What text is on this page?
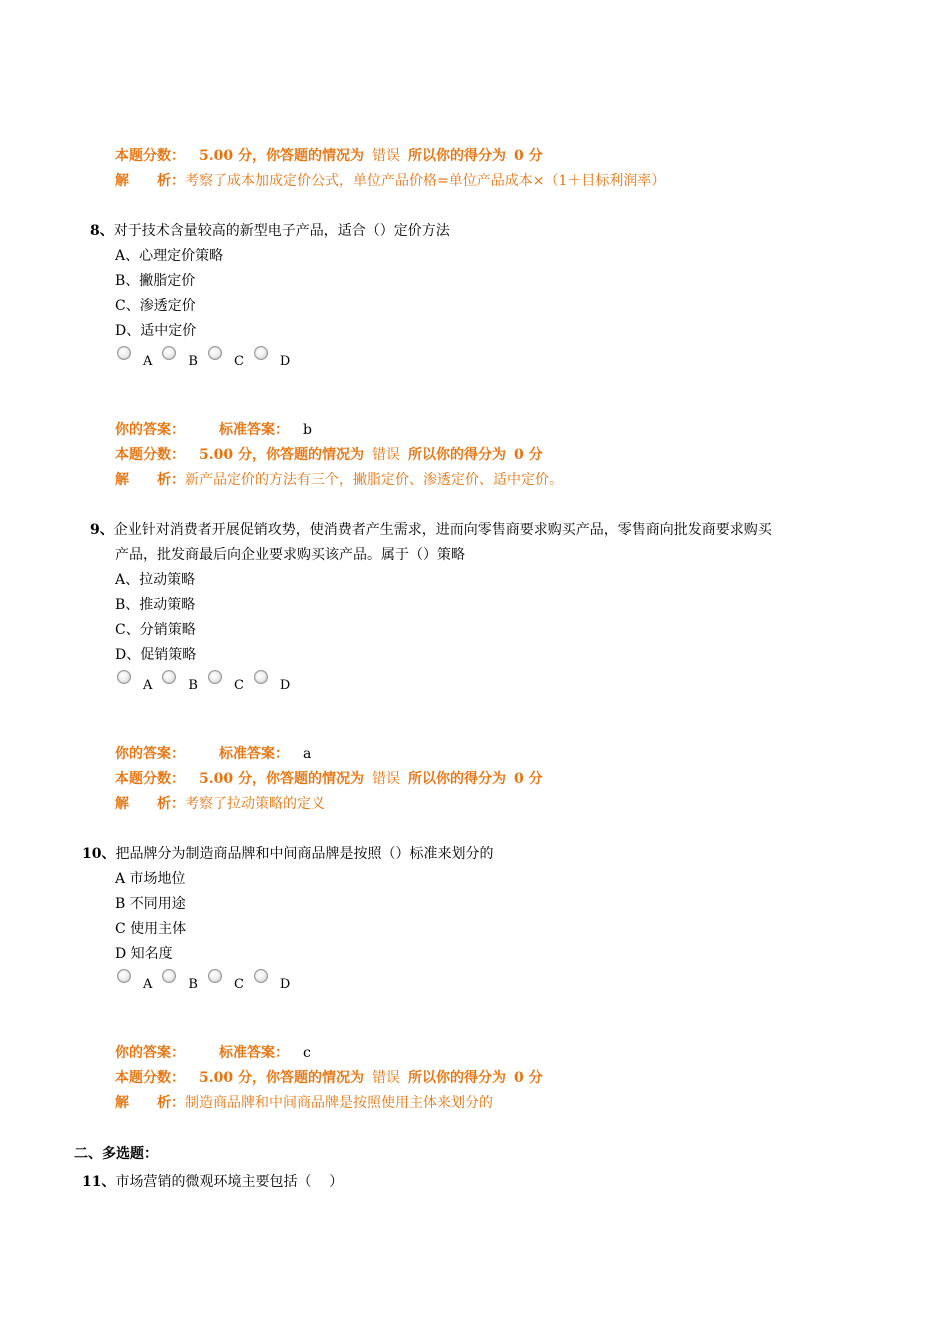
本题分数： 5.00 分，你答题的情况为 错误 所以你的得分为 0 分
解 析：考察了成本加成定价公式，单位产品价格=单位产品成本×（1＋目标利润率）
8、对于技术含量较高的新型电子产品，适合（）定价方法
A、心理定价策略
B、撇脂定价
C、渗透定价
D、适中定价
A	B	C	D
你的答案： 标准答案： b
本题分数： 5.00 分，你答题的情况为 错误 所以你的得分为 0 分
解 析：新产品定价的方法有三个，撇脂定价、渗透定价、适中定价。
9、企业针对消费者开展促销攻势，使消费者产生需求，进而向零售商要求购买产品，零售商向批发商要求购买
产品，批发商最后向企业要求购买该产品。属于（）策略
A、拉动策略
B、推动策略
C、分销策略
D、促销策略
A	B	C	D
你的答案： 标准答案： a
本题分数： 5.00 分，你答题的情况为 错误 所以你的得分为 0 分
解 析：考察了拉动策略的定义
10、把品牌分为制造商品牌和中间商品牌是按照（）标准来划分的
A 市场地位
B 不同用途
C 使用主体
D 知名度
A	B	C	D
你的答案： 标准答案： c
本题分数： 5.00 分，你答题的情况为 错误 所以你的得分为 0 分
解 析：制造商品牌和中间商品牌是按照使用主体来划分的
二、多选题：
11、市场营销的微观环境主要包括（    ）
